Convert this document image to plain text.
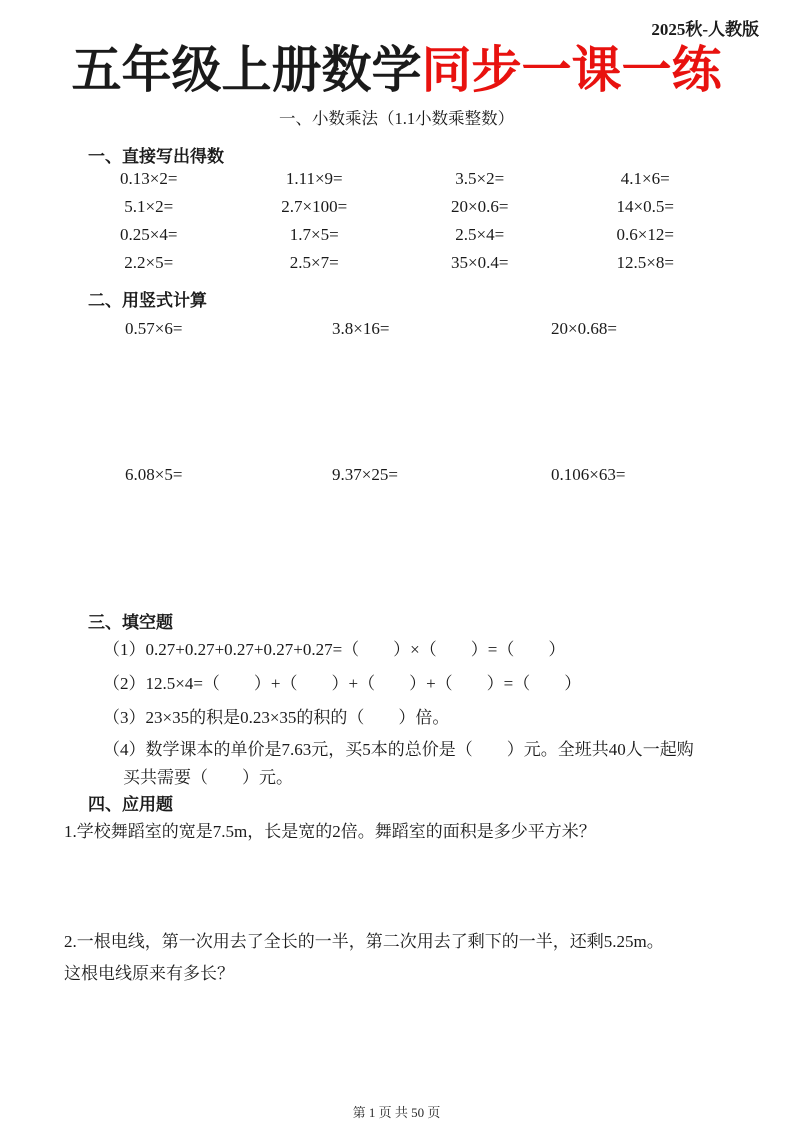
2025秋-人教版
五年级上册数学同步一课一练
一、小数乘法（1.1小数乘整数）
一、直接写出得数
0.13×2=	1.11×9=	3.5×2=	4.1×6=
5.1×2=	2.7×100=	20×0.6=	14×0.5=
0.25×4=	1.7×5=	2.5×4=	0.6×12=
2.2×5=	2.5×7=	35×0.4=	12.5×8=
二、用竖式计算
0.57×6=	3.8×16=	20×0.68=
6.08×5=	9.37×25=	0.106×63=
三、填空题
（1）0.27+0.27+0.27+0.27+0.27=（　　）×（　　）=（　　）
（2）12.5×4=（　　）+（　　）+（　　）+（　　）=（　　）
（3）23×35的积是0.23×35的积的（　　）倍。
（4）数学课本的单价是7.63元，买5本的总价是（　　）元。全班共40人一起购
买共需要（　　）元。
四、应用题
1.学校舞蹈室的宽是7.5m，长是宽的2倍。舞蹈室的面积是多少平方米？
2.一根电线，第一次用去了全长的一半，第二次用去了剩下的一半，还剩5.25m。
这根电线原来有多长？
第 1 页 共 50 页
